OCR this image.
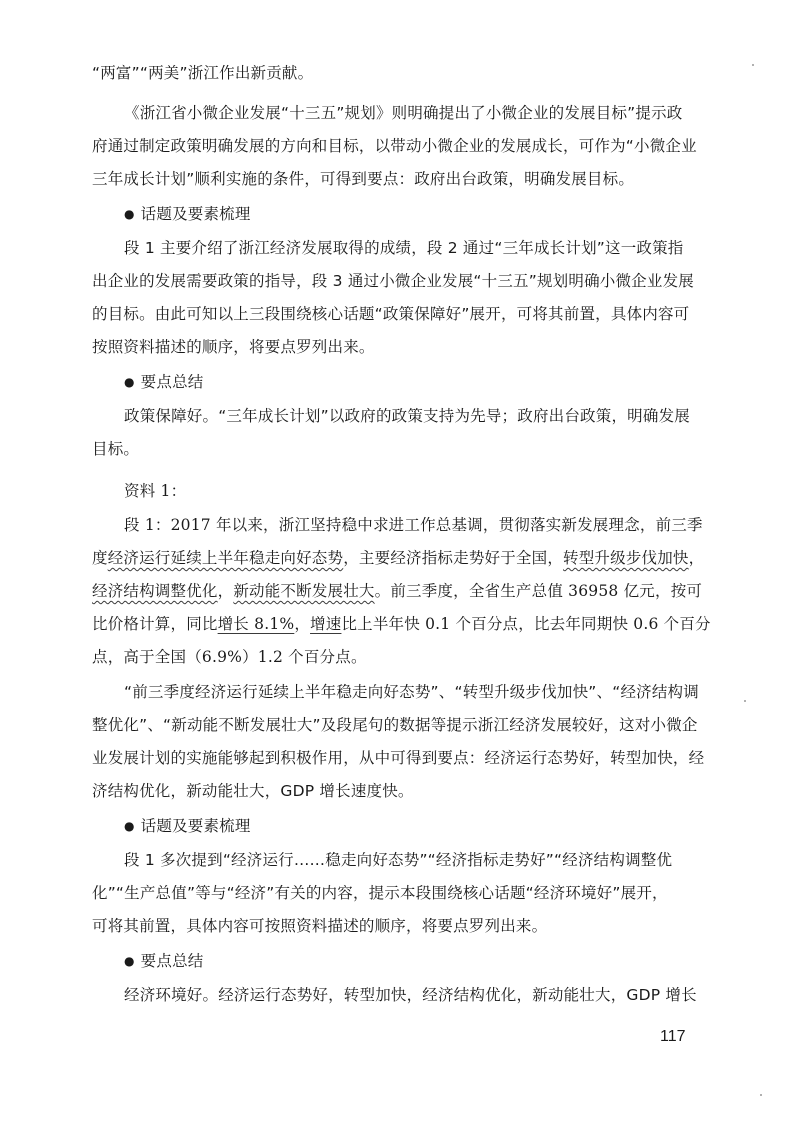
“两富”“两美”浙江作出新贡献。
《浙江省小微企业发展“十三五”规划》则明确提出了小微企业的发展目标”提示政
府通过制定政策明确发展的方向和目标，以带动小微企业的发展成长，可作为“小微企业
三年成长计划”顺利实施的条件，可得到要点：政府出台政策，明确发展目标。
● 话题及要素梳理
段 1 主要介绍了浙江经济发展取得的成绩，段 2 通过“三年成长计划”这一政策指
出企业的发展需要政策的指导，段 3 通过小微企业发展“十三五”规划明确小微企业发展
的目标。由此可知以上三段围绕核心话题“政策保障好”展开，可将其前置，具体内容可
按照资料描述的顺序，将要点罗列出来。
● 要点总结
政策保障好。“三年成长计划”以政府的政策支持为先导；政府出台政策，明确发展
目标。
资料 1：
段 1：2017 年以来，浙江坚持稳中求进工作总基调，贯彻落实新发展理念，前三季
度经济运行延续上半年稳走向好态势，主要经济指标走势好于全国，转型升级步伐加快，
经济结构调整优化，新动能不断发展壮大。前三季度，全省生产总值 36958 亿元，按可
比价格计算，同比增长 8.1%，增速比上半年快 0.1 个百分点，比去年同期快 0.6 个百分
点，高于全国（6.9%）1.2 个百分点。
“前三季度经济运行延续上半年稳走向好态势”、“转型升级步伐加快”、“经济结构调
整优化”、“新动能不断发展壮大”及段尾句的数据等提示浙江经济发展较好，这对小微企
业发展计划的实施能够起到积极作用，从中可得到要点：经济运行态势好，转型加快，经
济结构优化，新动能壮大，GDP 增长速度快。
● 话题及要素梳理
段 1 多次提到“经济运行……稳走向好态势”“经济指标走势好”“经济结构调整优
化”“生产总值”等与“经济”有关的内容，提示本段围绕核心话题“经济环境好”展开，
可将其前置，具体内容可按照资料描述的顺序，将要点罗列出来。
● 要点总结
经济环境好。经济运行态势好，转型加快，经济结构优化，新动能壮大，GDP 增长
117
